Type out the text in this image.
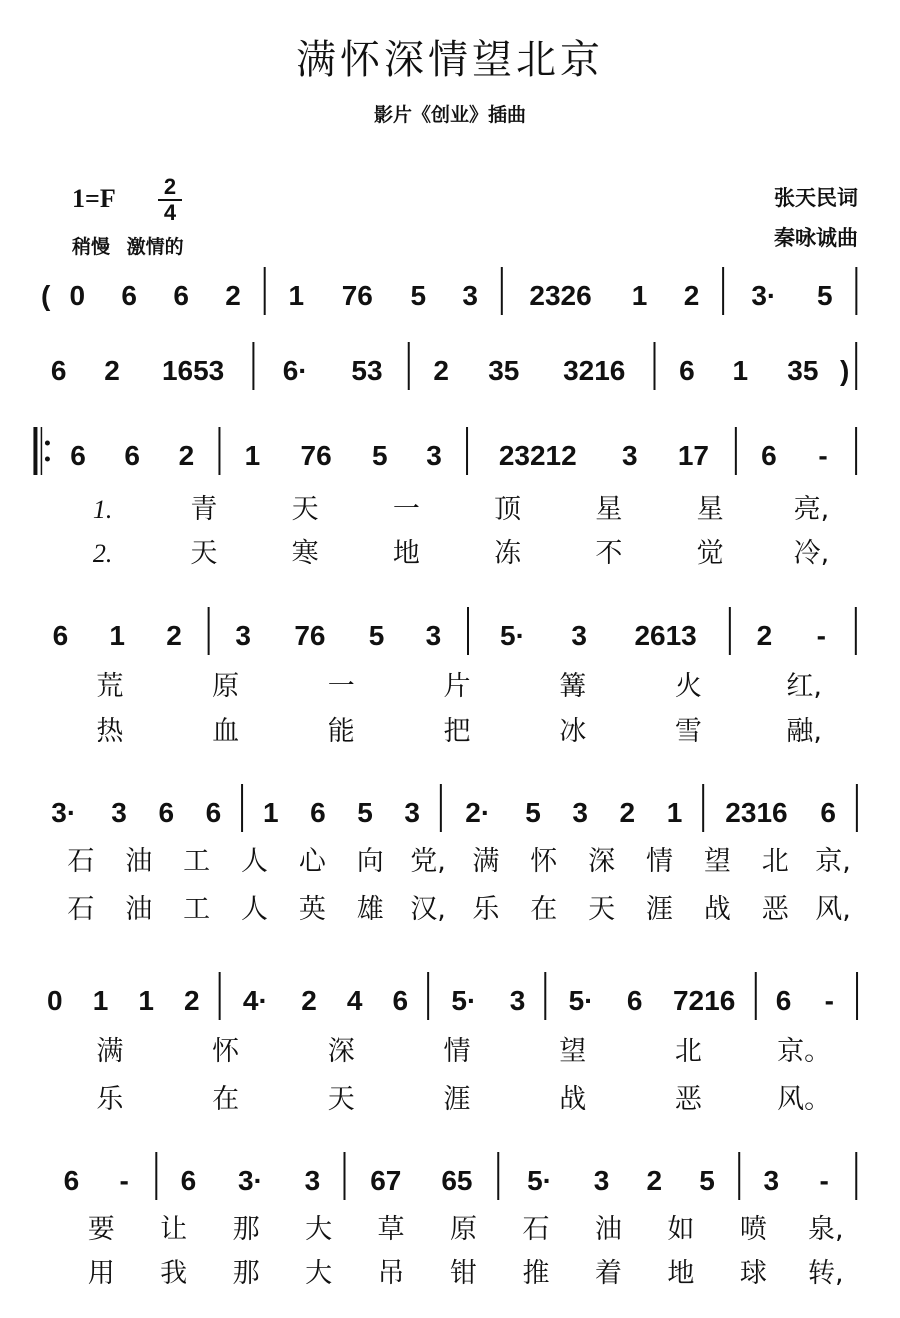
满怀深情望北京
影片《创业》插曲
1=F 2
4
稍慢 激情的
张天民词
秦咏诚曲
( 0 6 6 2 1 76 5 3 2326 1 2 3· 5
6 2 1653 6· 53 2 35 3216 6 1 35 )
6 6 2 1 76 5 3 23212 3 17 6 -
1.	青	天	一	顶	星	星	亮,
2.	天	寒	地	冻	不	觉	冷,
6 1 2 3 76 5 3 5· 3 2613 2 -
荒	原	一	片	篝	火	红,
热	血	能	把	冰	雪	融,
3· 3 6 6 1 6 5 3 2· 5 3 2 1 2316 6
石 油 工 人 心 向 党, 满 怀 深 情 望 北 京,
石 油 工 人 英 雄 汉, 乐 在 天 涯 战 恶 风,
0 1 1 2 4· 2 4 6 5· 3 5· 6 7216 6 -
满	怀	深	情	望	北	京。
乐	在	天	涯	战	恶	风。
6 - 6 3· 3 67 65 5· 3 2 5 3 -
要 让 那 大 草 原 石 油 如 喷 泉,
用 我 那 大 吊 钳 推 着 地 球 转,
